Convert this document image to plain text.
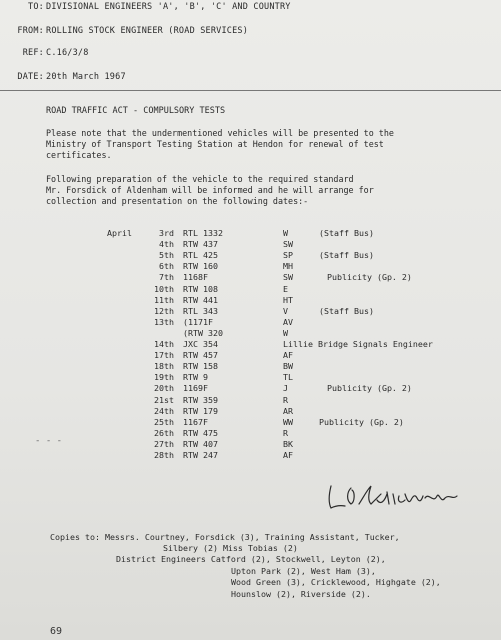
TO: DIVISIONAL ENGINEERS 'A', 'B', 'C' AND COUNTRY
FROM: ROLLING STOCK ENGINEER (ROAD SERVICES)
REF: C.16/3/8
DATE: 20th March 1967
ROAD TRAFFIC ACT - COMPULSORY TESTS
Please note that the undermentioned vehicles will be presented to the
Ministry of Transport Testing Station at Hendon for renewal of test
certificates.
Following preparation of the vehicle to the required standard
Mr. Forsdick of Aldenham will be informed and he will arrange for
collection and presentation on the following dates:-
April	3rd RTL 1332	W	(Staff Bus)
4th RTW 437	SW
5th RTL 425	SP	(Staff Bus)
6th RTW 160	MH
7th 1168F	SW	Publicity (Gp. 2)
10th RTW 108	E
11th RTW 441	HT
12th RTL 343	V	(Staff Bus)
13th (1171F	AV
(RTW 320	W
14th JXC 354	Lillie Bridge Signals Engineer
17th RTW 457	AF
18th RTW 158	BW
19th RTW 9	TL
20th 1169F	J	Publicity (Gp. 2)
21st RTW 359	R
24th RTW 179	AR
25th 1167F	WW	Publicity (Gp. 2)
26th RTW 475	R
27th RTW 407	BK
28th RTW 247	AF
- - -
Copies to: Messrs. Courtney, Forsdick (3), Training Assistant, Tucker,
Silbery (2) Miss Tobias (2)
District Engineers Catford (2), Stockwell, Leyton (2),
Upton Park (2), West Ham (3),
Wood Green (3), Cricklewood, Highgate (2),
Hounslow (2), Riverside (2).
69
